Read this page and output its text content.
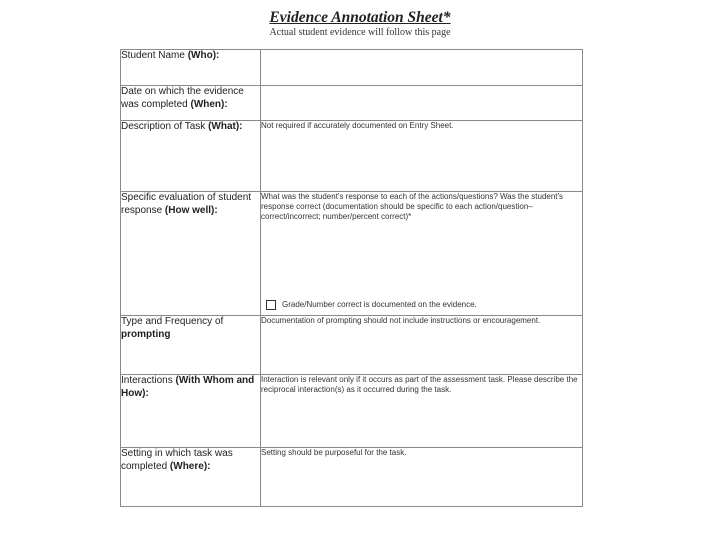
Evidence Annotation Sheet*
Actual student evidence will follow this page
Student Name (Who):	
Date on which the evidence was completed (When):	
Description of Task (What):	Not required if accurately documented on Entry Sheet.
Specific evaluation of student response (How well):	What was the student's response to each of the actions/questions? Was the student's response correct (documentation should be specific to each action/question–correct/incorrect; number/percent correct)*
Grade/Number correct is documented on the evidence.

Type and Frequency of
prompting	Documentation of prompting should not include instructions or encouragement.
Interactions (With Whom and How):	Interaction is relevant only if it occurs as part of the assessment task. Please describe the reciprocal interaction(s) as it occurred during the task.
Setting in which task was completed (Where):	Setting should be purposeful for the task.
